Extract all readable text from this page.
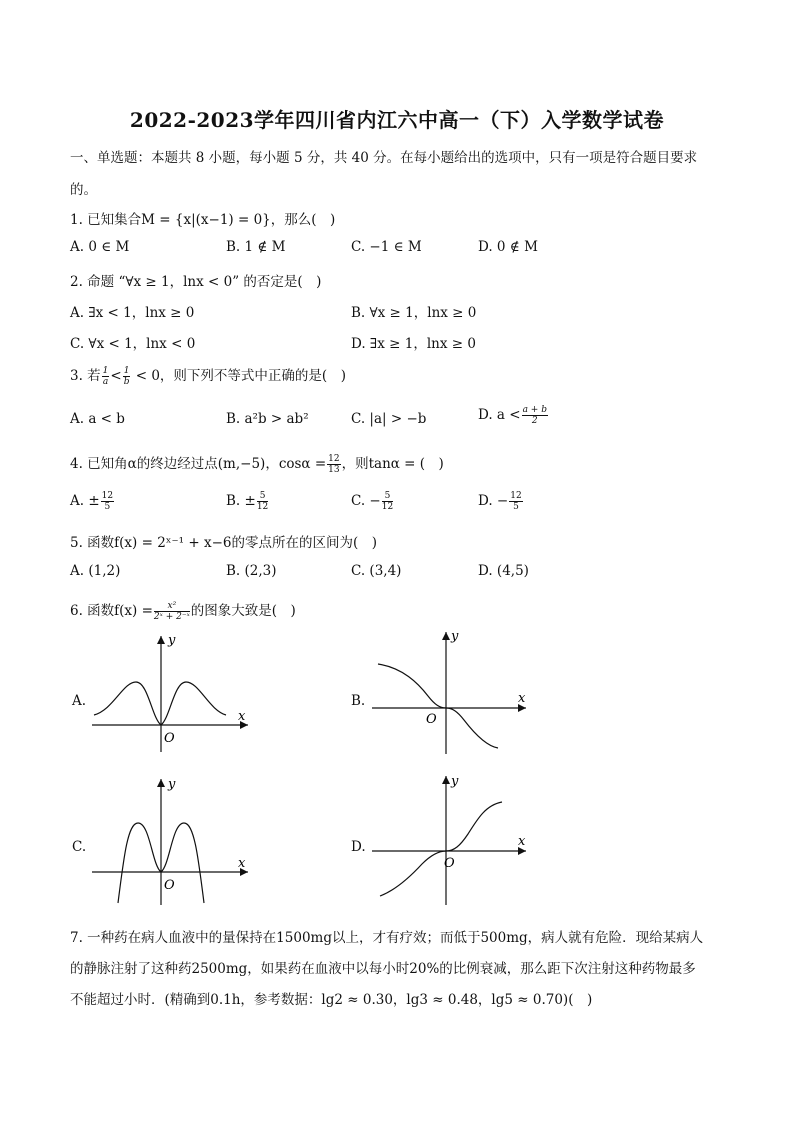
2022-2023学年四川省内江六中高一（下）入学数学试卷
一、单选题：本题共 8 小题，每小题 5 分，共 40 分。在每小题给出的选项中，只有一项是符合题目要求
的。
1. 已知集合M = {x|(x−1) = 0}，那么(　)
A. 0 ∈ M	B. 1 ∉ M	C. −1 ∈ M	D. 0 ∉ M
2. 命题 “∀x ≥ 1，lnx < 0” 的否定是(　)
A. ∃x < 1，lnx ≥ 0	B. ∀x ≥ 1，lnx ≥ 0
C. ∀x < 1，lnx < 0	D. ∃x ≥ 1，lnx ≥ 0
3. 若 $\frac{1}{a} < \frac{1}{b} < 0$，则下列不等式中正确的是(　)
A. a < b	B. a²b > ab²	C. |a| > −b	D. $a < \frac{a + b}{2}$
4. 已知角α的终边经过点(m,−5)，$\cos\alpha = \frac{12}{13}$ ，则tanα = (　)
A. ± $\frac{12}{5}$	B. ± $\frac{5}{12}$	C. − $\frac{5}{12}$	D. − $\frac{12}{5}$
5. 函数f(x) = 2ˣ⁻¹ + x−6的零点所在的区间为(　)
A. (1,2)	B. (2,3)	C. (3,4)	D. (4,5)
6. 函数$f(x) = \frac{\text{x²}}{\text{2ˣ + 2⁻ˣ}}$ 的图象大致是(　)
A.
x
y
O
B.	x
y
O
C.
x
y
O
D.	x
y
O
7. 一种药在病人血液中的量保持在1500mg以上，才有疗效；而低于500mg，病人就有危险．现给某病人
的静脉注射了这种药2500mg，如果药在血液中以每小时20%的比例衰减，那么距下次注射这种药物最多
不能超过小时．(精确到0.1h，参考数据：lg2 ≈ 0.30，lg3 ≈ 0.48，lg5 ≈ 0.70)(　)
